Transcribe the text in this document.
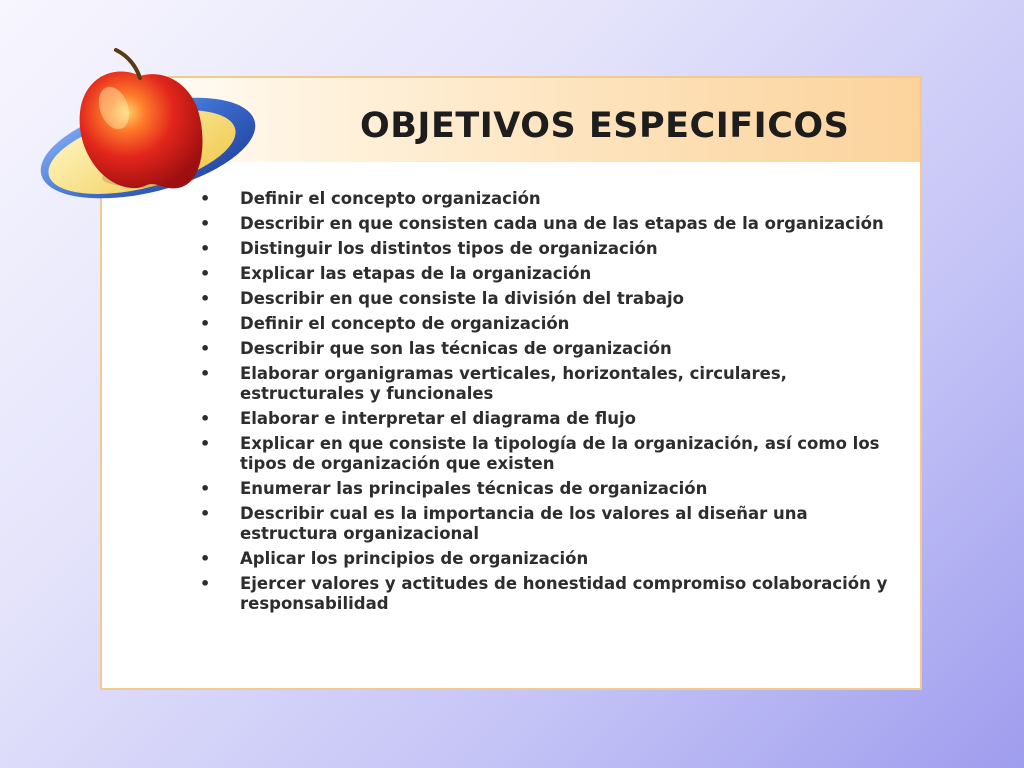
OBJETIVOS ESPECIFICOS
• Definir el concepto organización
• Describir en que consisten cada una de las etapas de la organización
• Distinguir los distintos tipos de organización
• Explicar las etapas de la organización
• Describir en que consiste la división del trabajo
• Definir el concepto de organización
• Describir que son las técnicas de organización
• Elaborar organigramas verticales, horizontales, circulares, estructurales y funcionales
• Elaborar e interpretar el diagrama de flujo
• Explicar en que consiste la tipología de la organización, así como los tipos de organización que existen
• Enumerar las principales técnicas de organización
• Describir cual es la importancia de los valores al diseñar una estructura organizacional
• Aplicar los principios de organización
• Ejercer valores y actitudes de honestidad compromiso colaboración y responsabilidad
